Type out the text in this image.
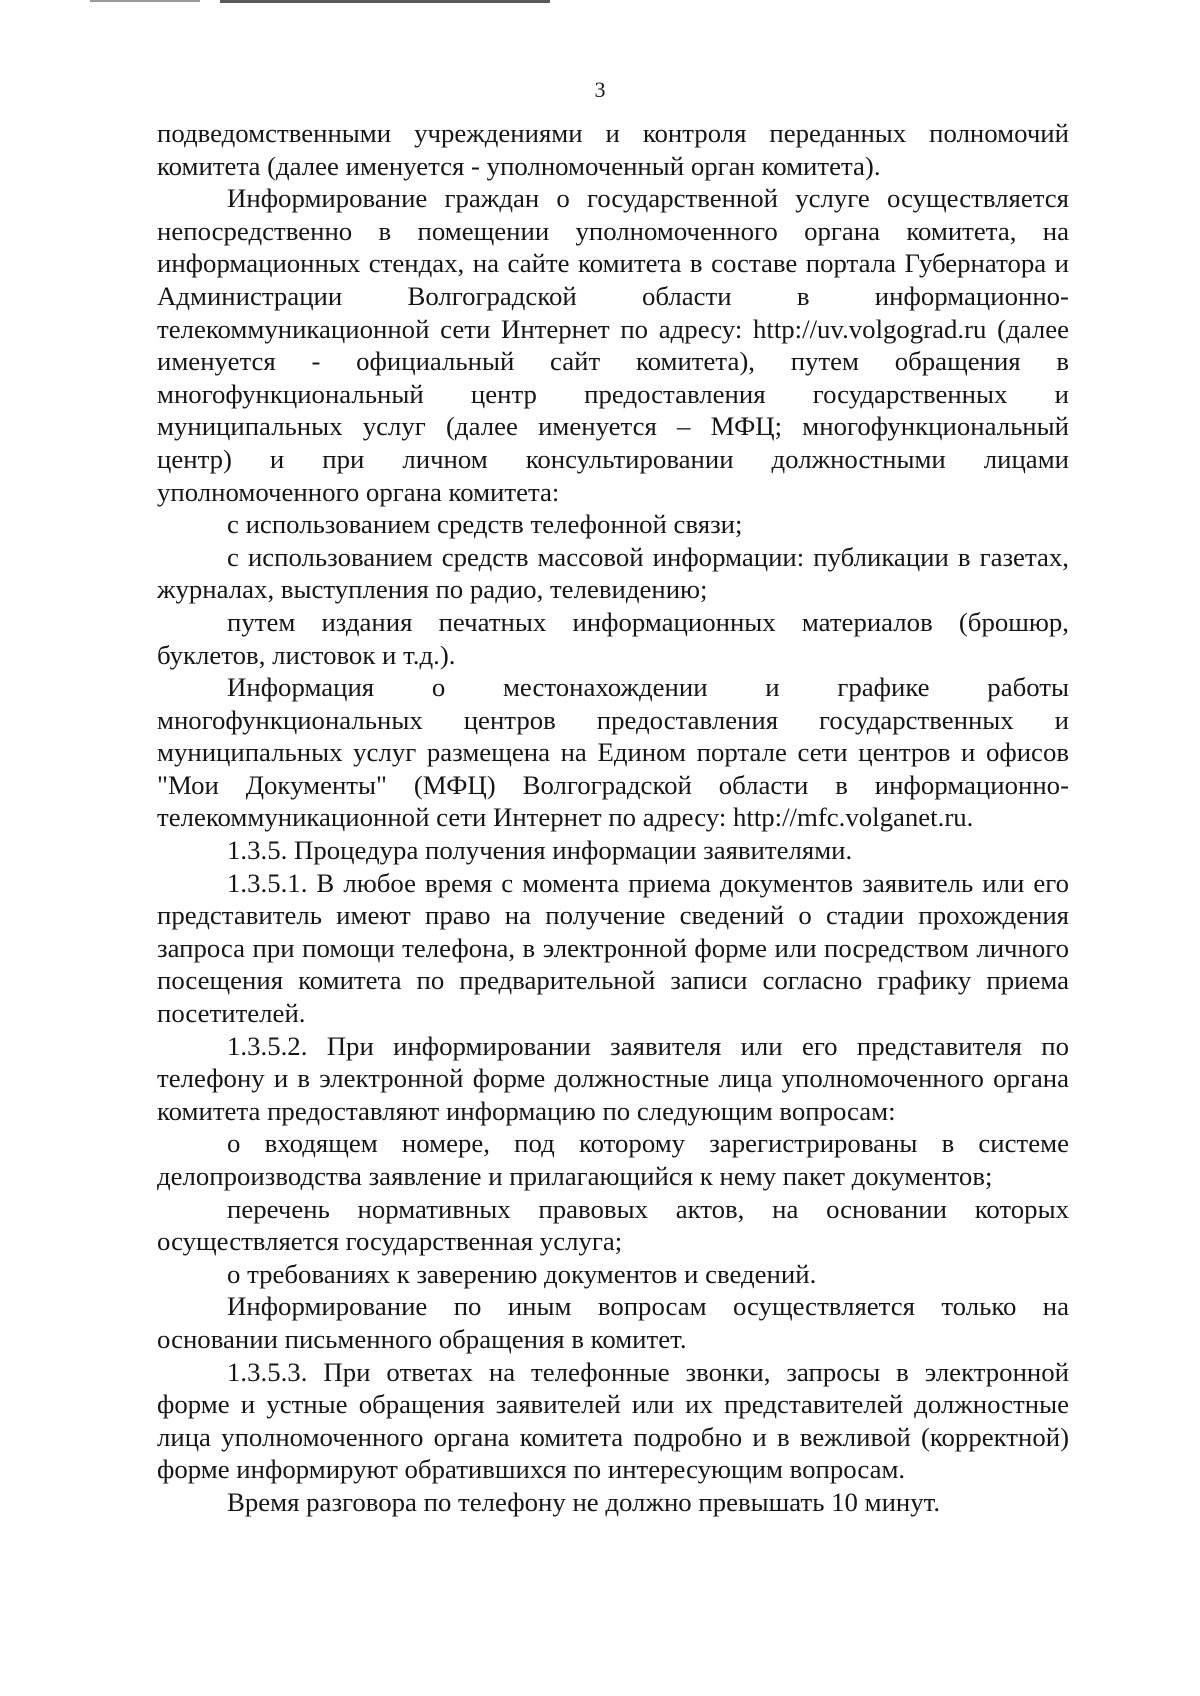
3

подведомственными учреждениями и контроля переданных полномочий комитета (далее именуется - уполномоченный орган комитета).

Информирование граждан о государственной услуге осуществляется непосредственно в помещении уполномоченного органа комитета, на информационных стендах, на сайте комитета в составе портала Губернатора и Администрации Волгоградской области в информационно-телекоммуникационной сети Интернет по адресу: http://uv.volgograd.ru (далее именуется - официальный сайт комитета), путем обращения в многофункциональный центр предоставления государственных и муниципальных услуг (далее именуется – МФЦ; многофункциональный центр) и при личном консультировании должностными лицами уполномоченного органа комитета:

с использованием средств телефонной связи;

с использованием средств массовой информации: публикации в газетах, журналах, выступления по радио, телевидению;

путем издания печатных информационных материалов (брошюр, буклетов, листовок и т.д.).

Информация о местонахождении и графике работы многофункциональных центров предоставления государственных и муниципальных услуг размещена на Едином портале сети центров и офисов "Мои Документы" (МФЦ) Волгоградской области в информационно-телекоммуникационной сети Интернет по адресу: http://mfc.volganet.ru.

1.3.5. Процедура получения информации заявителями.

1.3.5.1. В любое время с момента приема документов заявитель или его представитель имеют право на получение сведений о стадии прохождения запроса при помощи телефона, в электронной форме или посредством личного посещения комитета по предварительной записи согласно графику приема посетителей.

1.3.5.2. При информировании заявителя или его представителя по телефону и в электронной форме должностные лица уполномоченного органа комитета предоставляют информацию по следующим вопросам:

о входящем номере, под которому зарегистрированы в системе делопроизводства заявление и прилагающийся к нему пакет документов;

перечень нормативных правовых актов, на основании которых осуществляется государственная услуга;

о требованиях к заверению документов и сведений.

Информирование по иным вопросам осуществляется только на основании письменного обращения в комитет.

1.3.5.3. При ответах на телефонные звонки, запросы в электронной форме и устные обращения заявителей или их представителей должностные лица уполномоченного органа комитета подробно и в вежливой (корректной) форме информируют обратившихся по интересующим вопросам.

Время разговора по телефону не должно превышать 10 минут.
